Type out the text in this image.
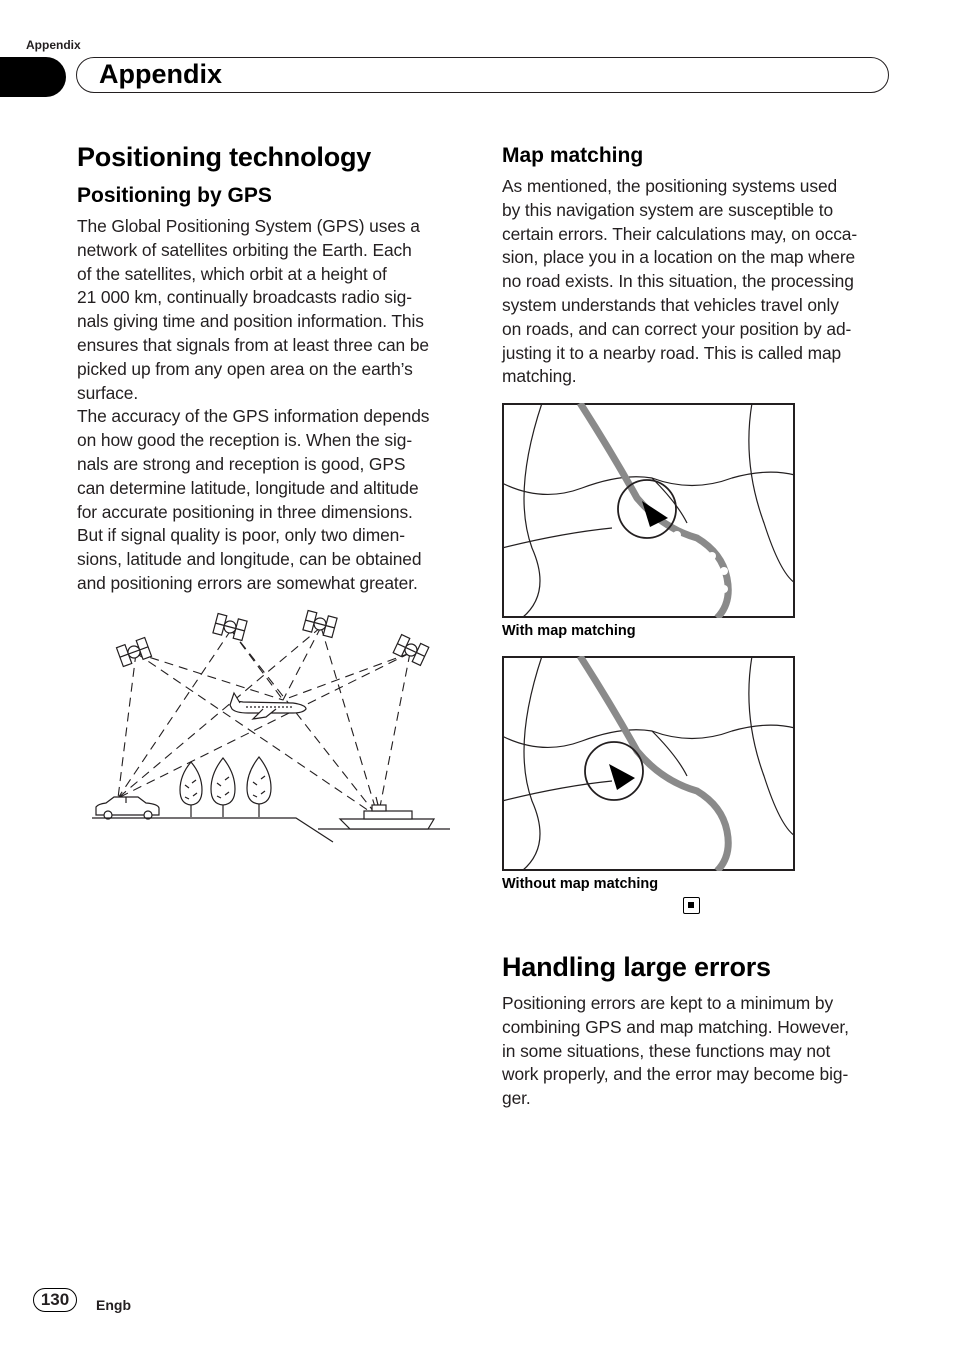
Appendix
Appendix
Positioning technology
Positioning by GPS

The Global Positioning System (GPS) uses a
network of satellites orbiting the Earth. Each
of the satellites, which orbit at a height of
21 000 km, continually broadcasts radio sig-
nals giving time and position information. This
ensures that signals from at least three can be
picked up from any open area on the earth’s
surface.

The accuracy of the GPS information depends
on how good the reception is. When the sig-
nals are strong and reception is good, GPS
can determine latitude, longitude and altitude
for accurate positioning in three dimensions.
But if signal quality is poor, only two dimen-
sions, latitude and longitude, can be obtained
and positioning errors are somewhat greater.

Map matching

As mentioned, the positioning systems used
by this navigation system are susceptible to
certain errors. Their calculations may, on occa-
sion, place you in a location on the map where
no road exists. In this situation, the processing
system understands that vehicles travel only
on roads, and can correct your position by ad-
justing it to a nearby road. This is called map
matching.

With map matching
Without map matching
Handling large errors

Positioning errors are kept to a minimum by
combining GPS and map matching. However,
in some situations, these functions may not
work properly, and the error may become big-
ger.

130	Engb
